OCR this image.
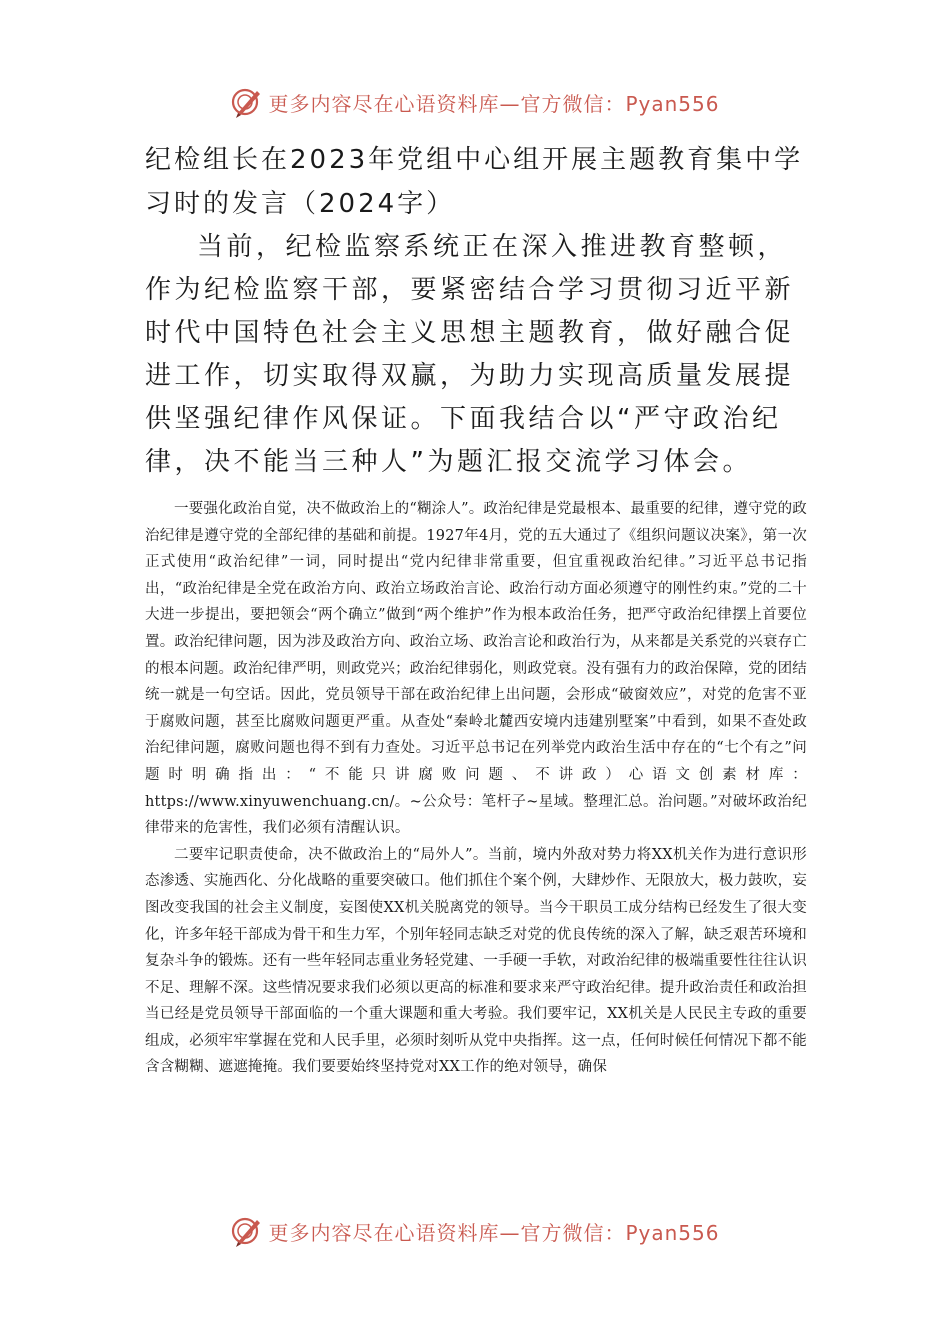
更多内容尽在心语资料库—官方微信：Pyan556
纪检组长在2023年党组中心组开展主题教育集中学习时的发言（2024字）

当前，纪检监察系统正在深入推进教育整顿，作为纪检监察干部，要紧密结合学习贯彻习近平新时代中国特色社会主义思想主题教育，做好融合促进工作，切实取得双赢，为助力实现高质量发展提供坚强纪律作风保证。下面我结合以“严守政治纪律，决不能当三种人”为题汇报交流学习体会。

一要强化政治自觉，决不做政治上的“糊涂人”。政治纪律是党最根本、最重要的纪律，遵守党的政治纪律是遵守党的全部纪律的基础和前提。1927年4月，党的五大通过了《组织问题议决案》，第一次正式使用“政治纪律”一词，同时提出“党内纪律非常重要，但宜重视政治纪律。”习近平总书记指出，“政治纪律是全党在政治方向、政治立场政治言论、政治行动方面必须遵守的刚性约束。”党的二十大进一步提出，要把领会“两个确立”做到“两个维护”作为根本政治任务，把严守政治纪律摆上首要位置。政治纪律问题，因为涉及政治方向、政治立场、政治言论和政治行为，从来都是关系党的兴衰存亡的根本问题。政治纪律严明，则政党兴；政治纪律弱化，则政党衰。没有强有力的政治保障，党的团结统一就是一句空话。因此，党员领导干部在政治纪律上出问题，会形成“破窗效应”，对党的危害不亚于腐败问题，甚至比腐败问题更严重。从查处“秦岭北麓西安境内违建别墅案”中看到，如果不查处政治纪律问题，腐败问题也得不到有力查处。习近平总书记在列举党内政治生活中存在的“七个有之”问题时明确指出：“不能只讲腐败问题、不讲政）心语文创素材库：https://www.xinyuwenchuang.cn/。~公众号：笔杆子~星域。整理汇总。治问题。”对破坏政治纪律带来的危害性，我们必须有清醒认识。

二要牢记职责使命，决不做政治上的“局外人”。当前，境内外敌对势力将XX机关作为进行意识形态渗透、实施西化、分化战略的重要突破口。他们抓住个案个例，大肆炒作、无限放大，极力鼓吹，妄图改变我国的社会主义制度，妄图使XX机关脱离党的领导。当今干职员工成分结构已经发生了很大变化，许多年轻干部成为骨干和生力军，个别年轻同志缺乏对党的优良传统的深入了解，缺乏艰苦环境和复杂斗争的锻炼。还有一些年轻同志重业务轻党建、一手硬一手软，对政治纪律的极端重要性往往认识不足、理解不深。这些情况要求我们必须以更高的标准和要求来严守政治纪律。提升政治责任和政治担当已经是党员领导干部面临的一个重大课题和重大考验。我们要牢记，XX机关是人民民主专政的重要组成，必须牢牢掌握在党和人民手里，必须时刻听从党中央指挥。这一点，任何时候任何情况下都不能含含糊糊、遮遮掩掩。我们要要始终坚持党对XX工作的绝对领导，确保

更多内容尽在心语资料库—官方微信：Pyan556
